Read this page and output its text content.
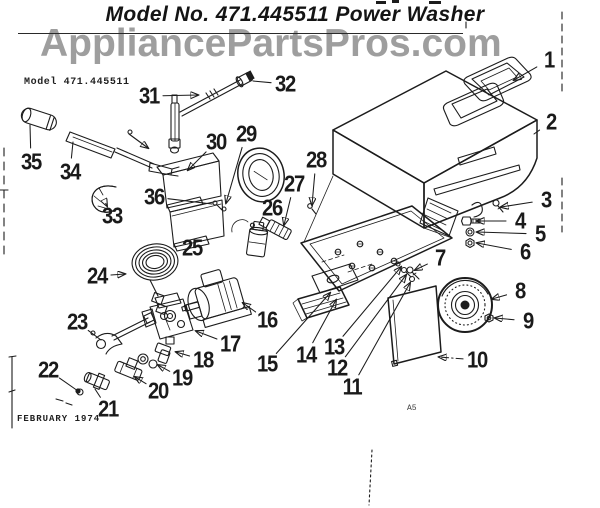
Model No. 471.445511 Power Washer
AppliancePartsPros.com
Model 471.445511
FEBRUARY 1974
A5
1
2
3
4 5
6
7
8
9
10
11
12
13
14
15
16
17
18
19
20
21
22
23
24
25
26
27
28
29
30
31	32
33
34
35
36
